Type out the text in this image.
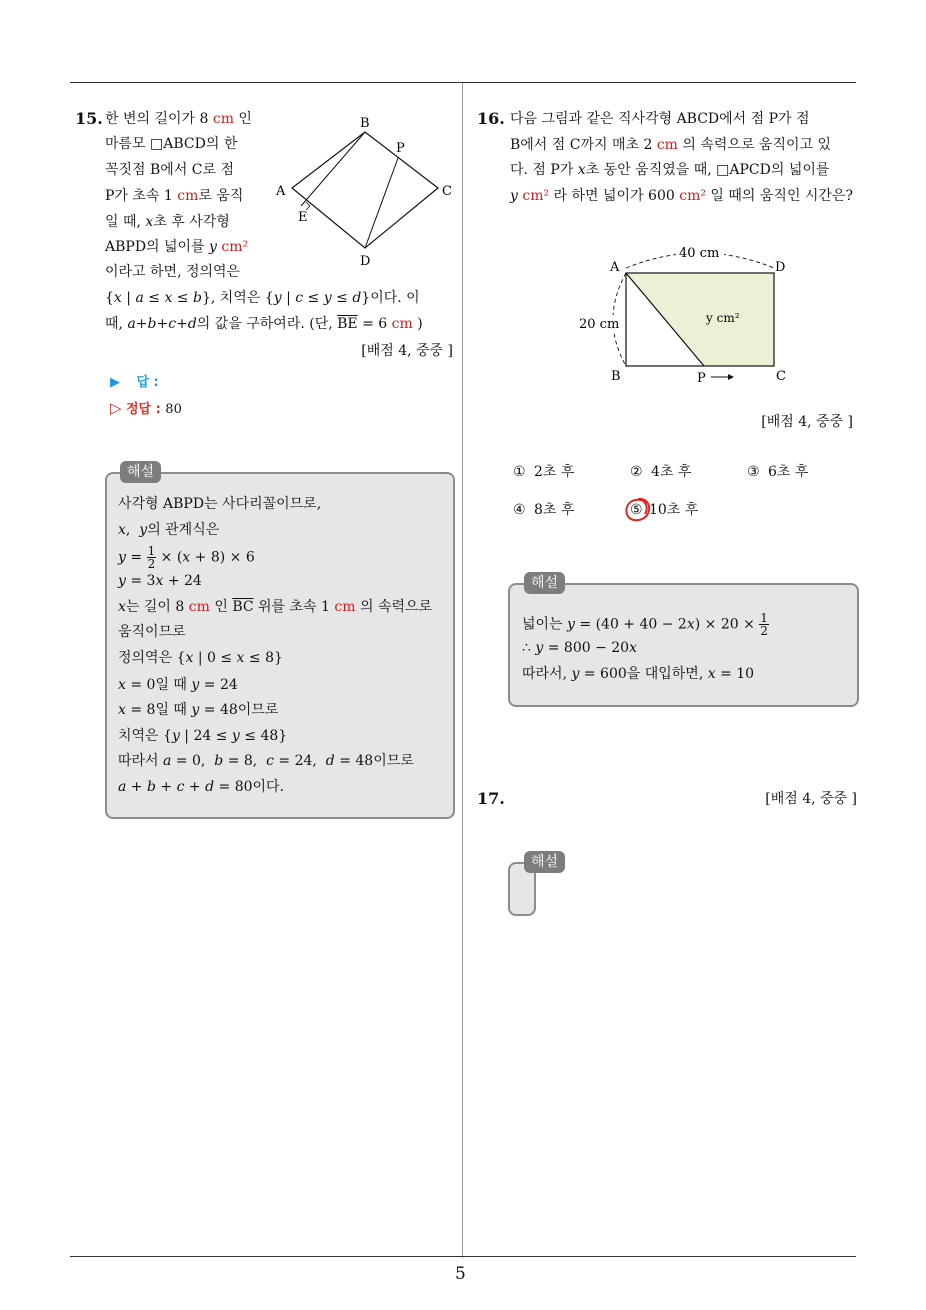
5
15. 한 변의 길이가 8 cm 인
마름모 □ABCD의 한
꼭짓점 B에서 C로 점
P가 초속 1 cm로 움직
일 때, x초 후 사각형
ABPD의 넓이를 y cm²
이라고 하면, 정의역은
{x | a ≤ x ≤ b}, 치역은 {y | c ≤ y ≤ d}이다. 이
때, a+b+c+d의 값을 구하여라. (단, $\overline{BE} = 6$ cm )
[배점 4, 중중 ]
B
P
A	C
E
D
▶ 답 :
▷ 정답 : 80
해설
사각형 ABPD는 사다리꼴이므로,
x,  y의 관계식은
$y = \frac{1}{2} \times (x + 8) \times 6$
y = 3x + 24
x는 길이 8 cm 인 $\overline{BC}$ 위를 초속 1 cm 의 속력으로
움직이므로
정의역은 {x | 0 ≤ x ≤ 8}
x = 0일 때 y = 24
x = 8일 때 y = 48이므로
치역은 {y | 24 ≤ y ≤ 48}
따라서 a = 0,  b = 8,  c = 24,  d = 48이므로
a + b + c + d = 80이다.
16. 다음 그림과 같은 직사각형 ABCD에서 점 P가 점
B에서 점 C까지 매초 2 cm 의 속력으로 움직이고 있
다. 점 P가 x초 동안 움직였을 때, □APCD의 넓이를
y cm² 라 하면 넓이가 600 cm² 일 때의 움직인 시간은?
40 cm
20 cm
A	D
B	C
P
y cm²
[배점 4, 중중 ]
① 2초 후	② 4초 후	③ 6초 후
④ 8초 후	⑤ 10초 후
해설
넓이는 $y = (40 + 40 - 2x) \times 20 \times \frac{1}{2}$
∴ y = 800 − 20x
따라서, y = 600을 대입하면, x = 10
17.	[배점 4, 중중 ]
해설
